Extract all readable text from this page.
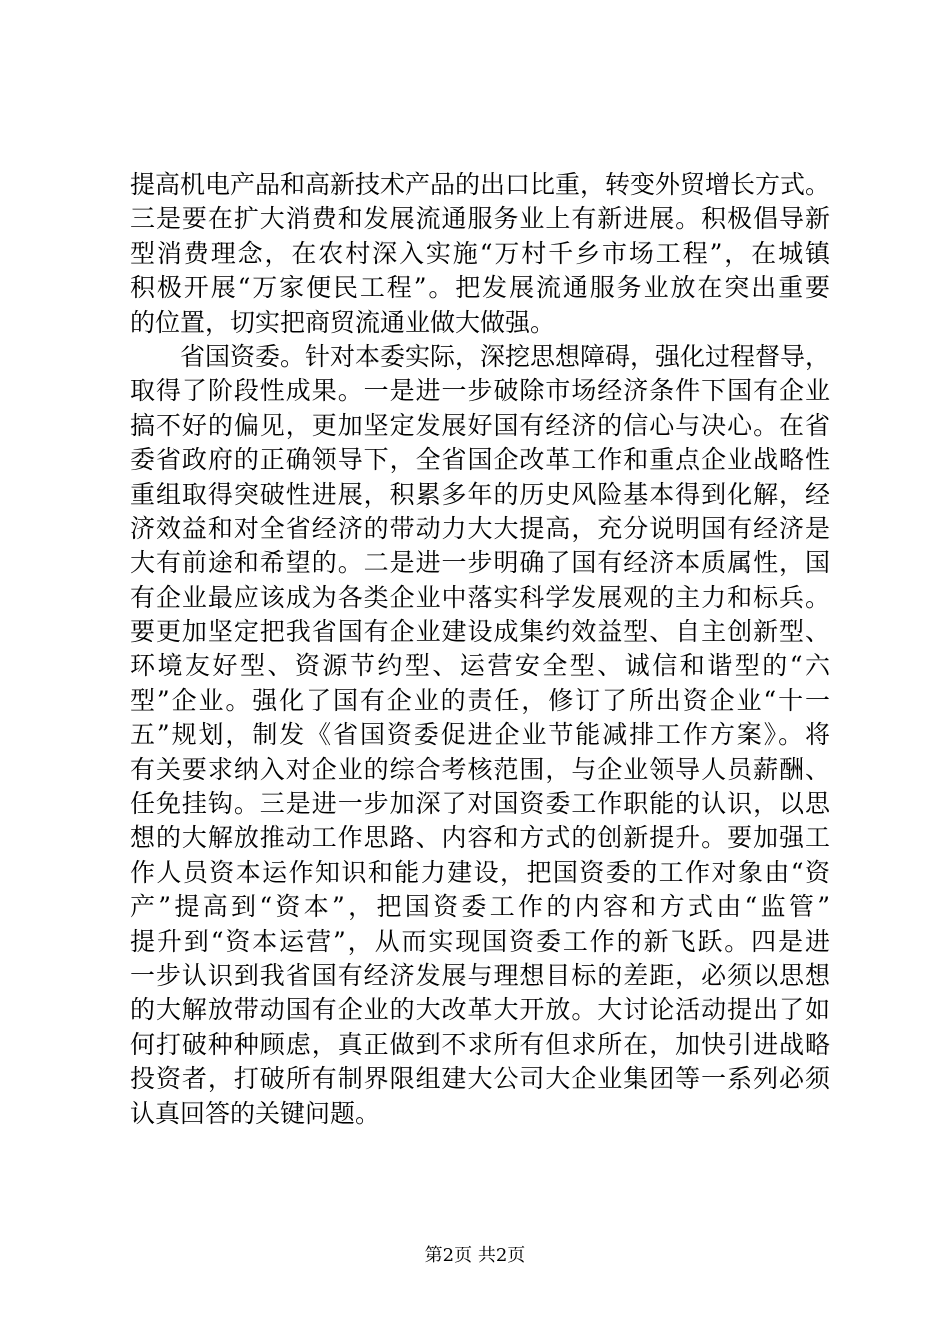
提高机电产品和高新技术产品的出口比重，转变外贸增长方式。
三是要在扩大消费和发展流通服务业上有新进展。积极倡导新
型消费理念，在农村深入实施“万村千乡市场工程”，在城镇
积极开展“万家便民工程”。把发展流通服务业放在突出重要
的位置，切实把商贸流通业做大做强。
　　省国资委。针对本委实际，深挖思想障碍，强化过程督导，
取得了阶段性成果。一是进一步破除市场经济条件下国有企业
搞不好的偏见，更加坚定发展好国有经济的信心与决心。在省
委省政府的正确领导下，全省国企改革工作和重点企业战略性
重组取得突破性进展，积累多年的历史风险基本得到化解，经
济效益和对全省经济的带动力大大提高，充分说明国有经济是
大有前途和希望的。二是进一步明确了国有经济本质属性，国
有企业最应该成为各类企业中落实科学发展观的主力和标兵。
要更加坚定把我省国有企业建设成集约效益型、自主创新型、
环境友好型、资源节约型、运营安全型、诚信和谐型的“六
型”企业。强化了国有企业的责任，修订了所出资企业“十一
五”规划，制发《省国资委促进企业节能减排工作方案》。将
有关要求纳入对企业的综合考核范围，与企业领导人员薪酬、
任免挂钩。三是进一步加深了对国资委工作职能的认识，以思
想的大解放推动工作思路、内容和方式的创新提升。要加强工
作人员资本运作知识和能力建设，把国资委的工作对象由“资
产”提高到“资本”，把国资委工作的内容和方式由“监管”
提升到“资本运营”，从而实现国资委工作的新飞跃。四是进
一步认识到我省国有经济发展与理想目标的差距，必须以思想
的大解放带动国有企业的大改革大开放。大讨论活动提出了如
何打破种种顾虑，真正做到不求所有但求所在，加快引进战略
投资者，打破所有制界限组建大公司大企业集团等一系列必须
认真回答的关键问题。
第2页 共2页
